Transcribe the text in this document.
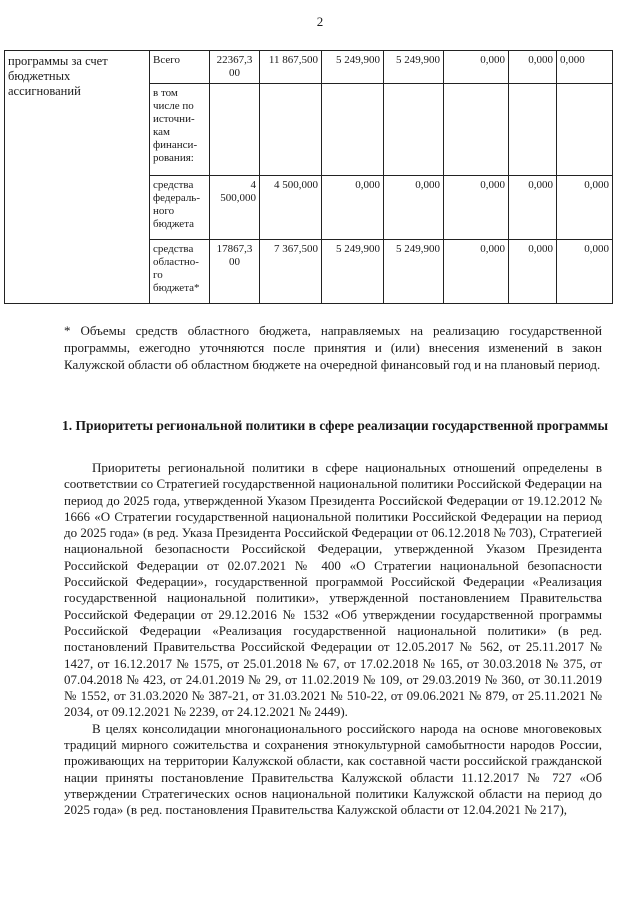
2
программы за счет бюджетных ассигнований	Всего	22367,3 00	11 867,500	5 249,900	5 249,900	0,000	0,000	0,000
	в том числе по источни-кам финанси-рования:							
	средства федераль-ного бюджета	4 500,000	4 500,000	0,000	0,000	0,000	0,000	0,000
	средства областно-го бюджета*	17867,3 00	7 367,500	5 249,900	5 249,900	0,000	0,000	0,000
* Объемы средств областного бюджета, направляемых на реализацию государственной программы, ежегодно уточняются после принятия и (или) внесения изменений в закон Калужской области об областном бюджете на очередной финансовый год и на плановый период.
1. Приоритеты региональной политики в сфере реализации государственной программы

Приоритеты региональной политики в сфере национальных отношений определены в соответствии со Стратегией государственной национальной политики Российской Федерации на период до 2025 года, утвержденной Указом Президента Российской Федерации от 19.12.2012 № 1666 «О Стратегии государственной национальной политики Российской Федерации на период до 2025 года» (в ред. Указа Президента Российской Федерации от 06.12.2018 № 703), Стратегией национальной безопасности Российской Федерации, утвержденной Указом Президента Российской Федерации от 02.07.2021 № 400 «О Стратегии национальной безопасности Российской Федерации», государственной программой Российской Федерации «Реализация государственной национальной политики», утвержденной постановлением Правительства Российской Федерации от 29.12.2016 № 1532 «Об утверждении государственной программы Российской Федерации «Реализация государственной национальной политики» (в ред. постановлений Правительства Российской Федерации от 12.05.2017 № 562, от 25.11.2017 № 1427, от 16.12.2017 № 1575, от 25.01.2018 № 67, от 17.02.2018 № 165, от 30.03.2018 № 375, от 07.04.2018 № 423, от 24.01.2019 № 29, от 11.02.2019 № 109, от 29.03.2019 № 360, от 30.11.2019 № 1552, от 31.03.2020 № 387-21, от 31.03.2021 № 510-22, от 09.06.2021 № 879, от 25.11.2021 № 2034, от 09.12.2021 № 2239, от 24.12.2021 № 2449).

В целях консолидации многонационального российского народа на основе многовековых традиций мирного сожительства и сохранения этнокультурной самобытности народов России, проживающих на территории Калужской области, как составной части российской гражданской нации приняты постановление Правительства Калужской области 11.12.2017 № 727 «Об утверждении Стратегических основ национальной политики Калужской области на период до 2025 года» (в ред. постановления Правительства Калужской области от 12.04.2021 № 217),
